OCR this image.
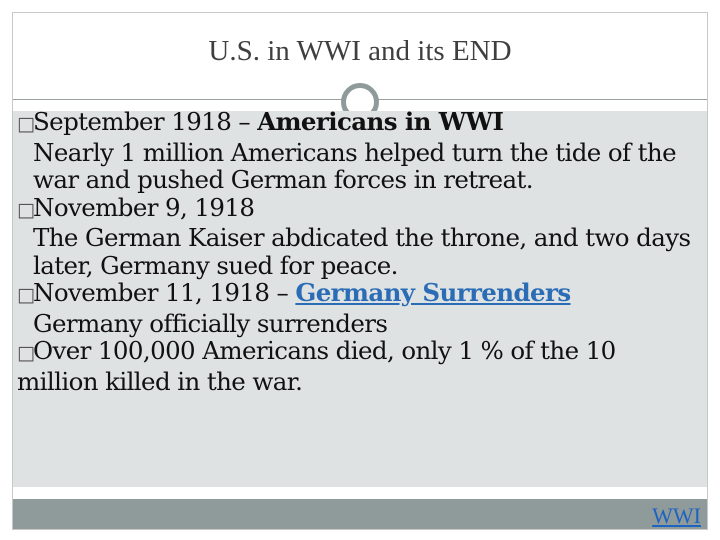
U.S. in WWI and its END
□September 1918 – Americans in WWI
Nearly 1 million Americans helped turn the tide of the war and pushed German forces in retreat.
□November 9, 1918
The German Kaiser abdicated the throne, and two days later, Germany sued for peace.
□November 11, 1918 – Germany Surrenders
Germany officially surrenders
□Over 100,000 Americans died, only 1 % of the 10 million killed in the war.
WWI
